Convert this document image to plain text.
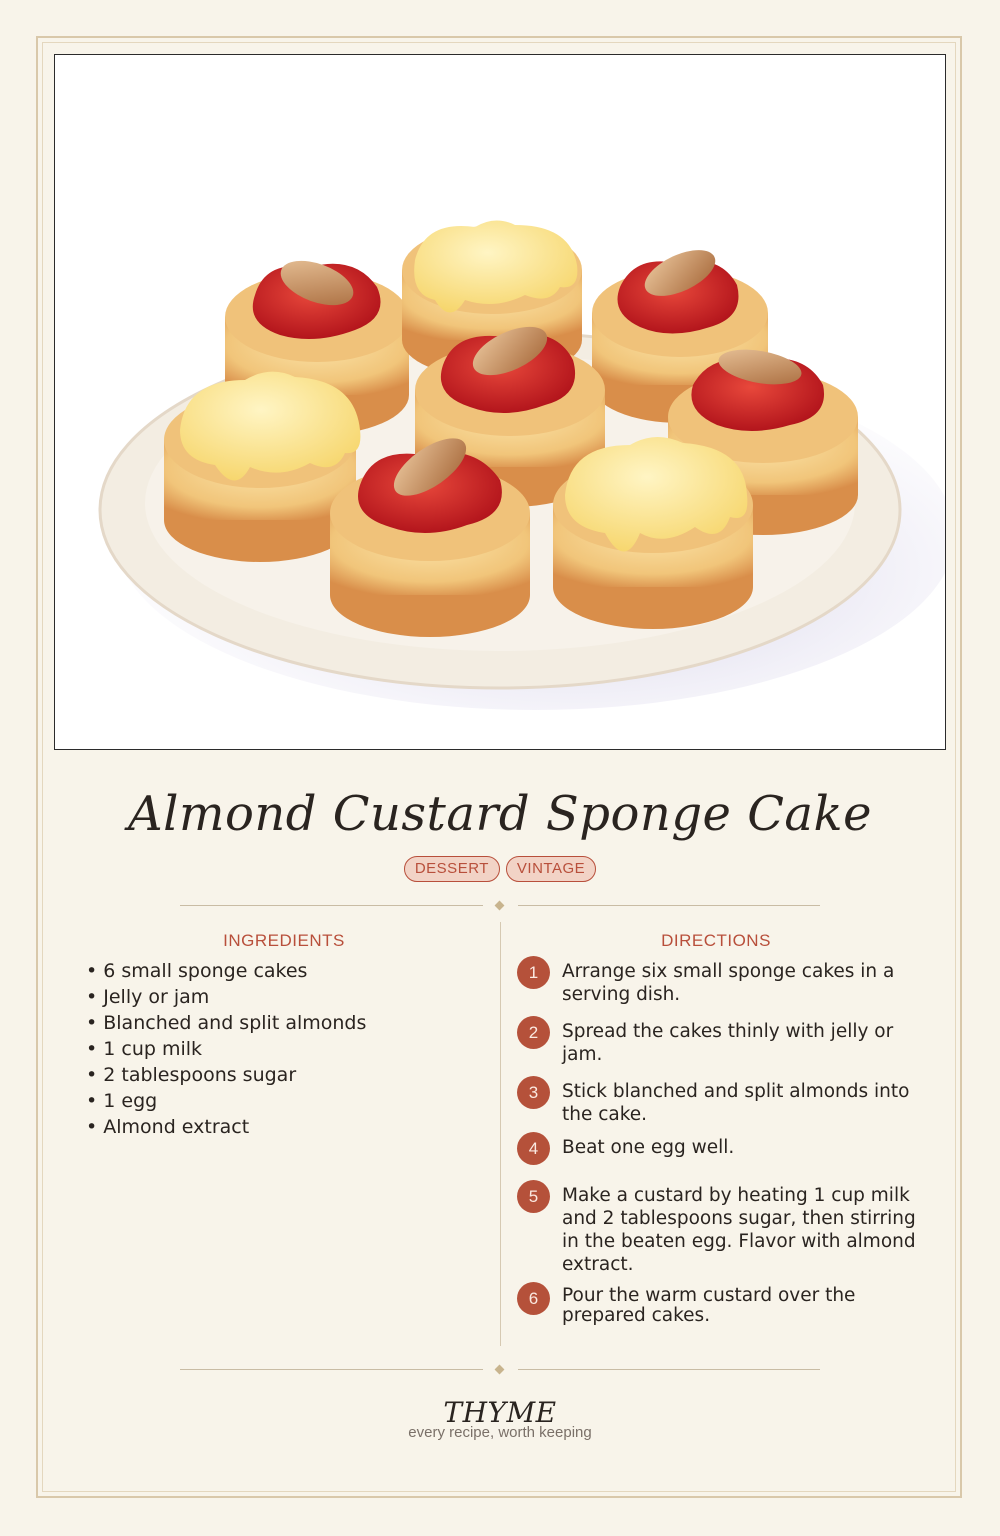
Almond Custard Sponge Cake
DESSERT VINTAGE
INGREDIENTS
• 6 small sponge cakes
• Jelly or jam
• Blanched and split almonds
• 1 cup milk
• 2 tablespoons sugar
• 1 egg
• Almond extract
DIRECTIONS
1	Arrange six small sponge cakes in a serving dish.
2	Spread the cakes thinly with jelly or jam.
3	Stick blanched and split almonds into the cake.
4	Beat one egg well.
5	Make a custard by heating 1 cup milk and 2 tablespoons sugar, then stirring in the beaten egg. Flavor with almond extract.
6	Pour the warm custard over the prepared cakes.
THYME
every recipe, worth keeping
